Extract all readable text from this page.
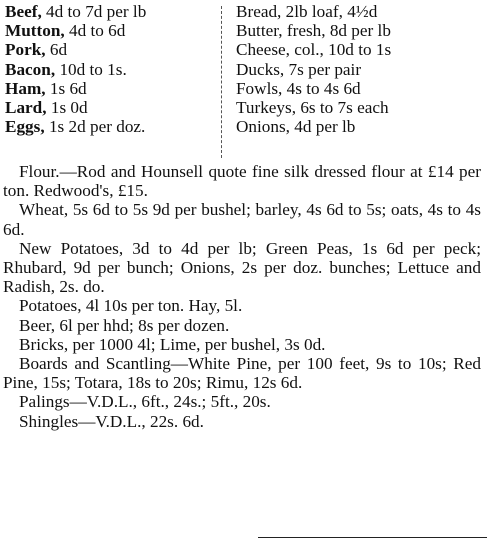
Beef, 4d to 7d per lb
Mutton, 4d to 6d
Pork, 6d
Bacon, 10d to 1s.
Ham, 1s 6d
Lard, 1s 0d
Eggs, 1s 2d per doz.
Bread, 2lb loaf, 4½d
Butter, fresh, 8d per lb
Cheese, col., 10d to 1s
Ducks, 7s per pair
Fowls, 4s to 4s 6d
Turkeys, 6s to 7s each
Onions, 4d per lb

Flour.—Rod and Hounsell quote fine silk dressed flour at £14 per ton. Redwood's, £15.

Wheat, 5s 6d to 5s 9d per bushel; barley, 4s 6d to 5s; oats, 4s to 4s 6d.

New Potatoes, 3d to 4d per lb; Green Peas, 1s 6d per peck; Rhubard, 9d per bunch; Onions, 2s per doz. bunches; Lettuce and Radish, 2s. do.

Potatoes, 4l 10s per ton. Hay, 5l.

Beer, 6l per hhd; 8s per dozen.

Bricks, per 1000 4l; Lime, per bushel, 3s 0d.

Boards and Scantling—White Pine, per 100 feet, 9s to 10s; Red Pine, 15s; Totara, 18s to 20s; Rimu, 12s 6d.

Palings—V.D.L., 6ft., 24s.; 5ft., 20s.

Shingles—V.D.L., 22s. 6d.
